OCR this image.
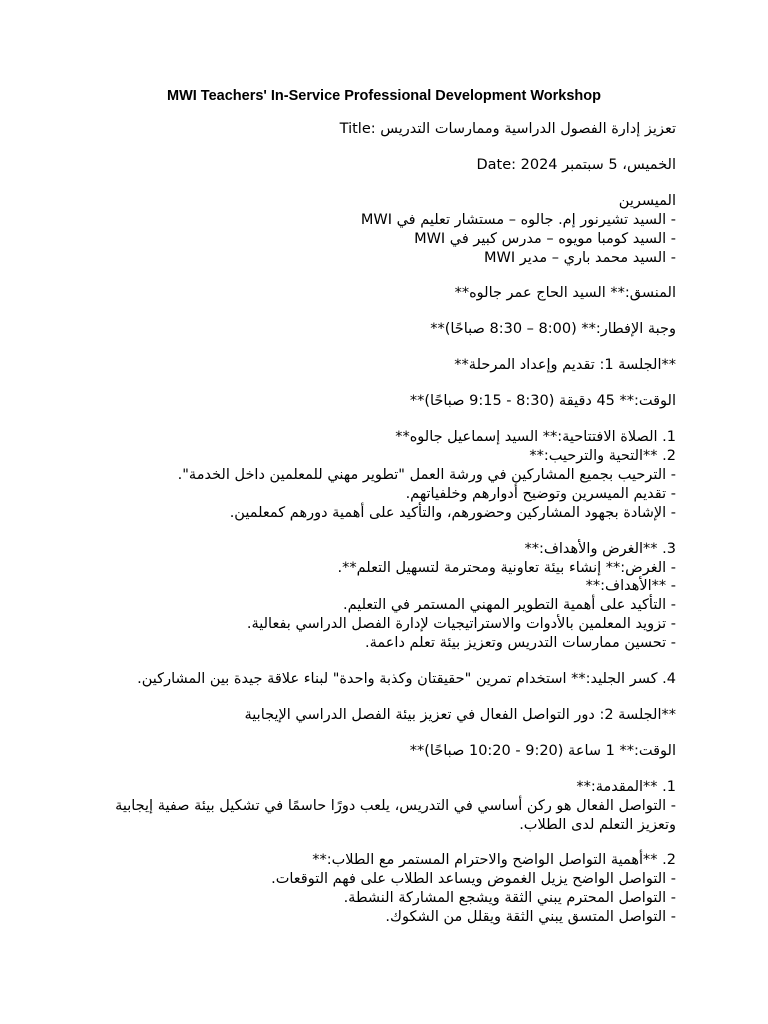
MWI Teachers' In-Service Professional Development Workshop

Title: تعزيز إدارة الفصول الدراسية وممارسات التدريس

Date: الخميس، 5 سبتمبر 2024

الميسرين

- السيد تشيرنور إم. جالوه – مستشار تعليم في MWI

- السيد كومبا مويوه – مدرس كبير في MWI

- السيد محمد باري – مدير MWI

المنسق:** السيد الحاج عمر جالوه**

وجبة الإفطار:** (8:00 – 8:30 صباحًا)**

**الجلسة 1: تقديم وإعداد المرحلة**

الوقت:** 45 دقيقة (8:30 - 9:15 صباحًا)**

1. الصلاة الافتتاحية:** السيد إسماعيل جالوه**

2. **التحية والترحيب:**

- الترحيب بجميع المشاركين في ورشة العمل "تطوير مهني للمعلمين داخل الخدمة".

- تقديم الميسرين وتوضيح أدوارهم وخلفياتهم.

- الإشادة بجهود المشاركين وحضورهم، والتأكيد على أهمية دورهم كمعلمين.

3. **الغرض والأهداف:**

- الغرض:** إنشاء بيئة تعاونية ومحترمة لتسهيل التعلم**.

- **الأهداف:**

- التأكيد على أهمية التطوير المهني المستمر في التعليم.

- تزويد المعلمين بالأدوات والاستراتيجيات لإدارة الفصل الدراسي بفعالية.

- تحسين ممارسات التدريس وتعزيز بيئة تعلم داعمة.

4. كسر الجليد:** استخدام تمرين "حقيقتان وكذبة واحدة" لبناء علاقة جيدة بين المشاركين.

**الجلسة 2: دور التواصل الفعال في تعزيز بيئة الفصل الدراسي الإيجابية

الوقت:** 1 ساعة (9:20 - 10:20 صباحًا)**

1. **المقدمة:**

- التواصل الفعال هو ركن أساسي في التدريس، يلعب دورًا حاسمًا في تشكيل بيئة صفية إيجابية وتعزيز التعلم لدى الطلاب.

2. **أهمية التواصل الواضح والاحترام المستمر مع الطلاب:**

- التواصل الواضح يزيل الغموض ويساعد الطلاب على فهم التوقعات.

- التواصل المحترم يبني الثقة ويشجع المشاركة النشطة.

- التواصل المتسق يبني الثقة ويقلل من الشكوك.
